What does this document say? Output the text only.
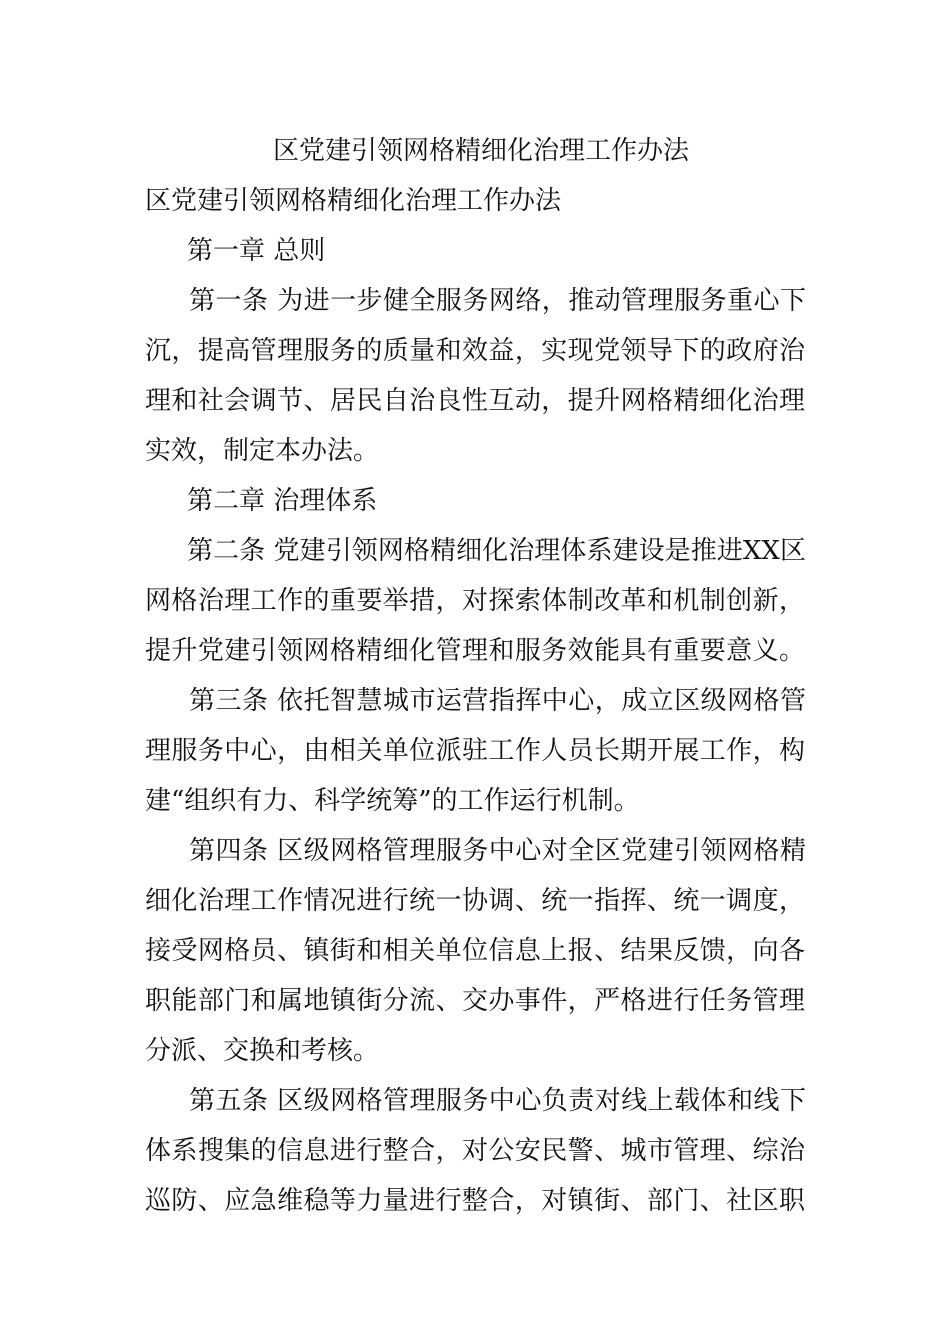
区党建引领网格精细化治理工作办法

区党建引领网格精细化治理工作办法

第一章 总则

第一条 为进一步健全服务网络，推动管理服务重心下

沉，提高管理服务的质量和效益，实现党领导下的政府治

理和社会调节、居民自治良性互动，提升网格精细化治理

实效，制定本办法。

第二章 治理体系

第二条 党建引领网格精细化治理体系建设是推进XX区

网格治理工作的重要举措，对探索体制改革和机制创新，

提升党建引领网格精细化管理和服务效能具有重要意义。

第三条 依托智慧城市运营指挥中心，成立区级网格管

理服务中心，由相关单位派驻工作人员长期开展工作，构

建“组织有力、科学统筹”的工作运行机制。

第四条 区级网格管理服务中心对全区党建引领网格精

细化治理工作情况进行统一协调、统一指挥、统一调度，

接受网格员、镇街和相关单位信息上报、结果反馈，向各

职能部门和属地镇街分流、交办事件，严格进行任务管理

分派、交换和考核。

第五条 区级网格管理服务中心负责对线上载体和线下

体系搜集的信息进行整合，对公安民警、城市管理、综治

巡防、应急维稳等力量进行整合，对镇街、部门、社区职
